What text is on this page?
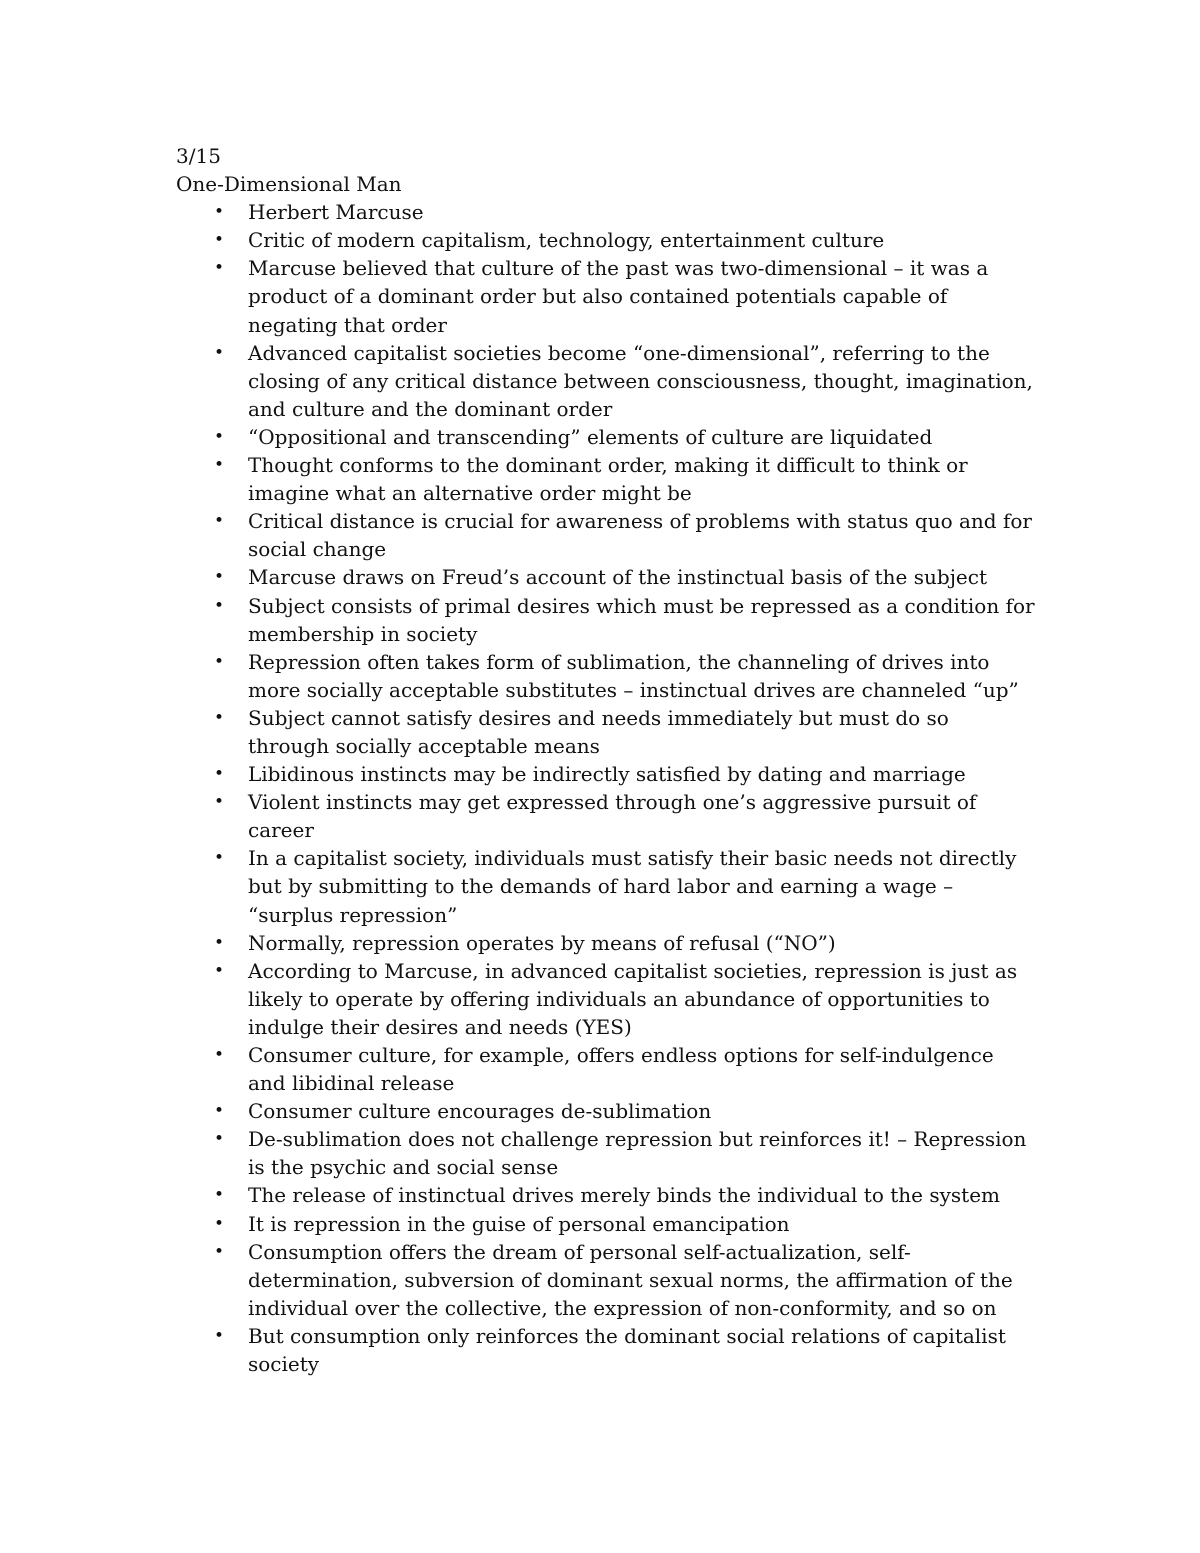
3/15

One-Dimensional Man

• Herbert Marcuse
• Critic of modern capitalism, technology, entertainment culture
• Marcuse believed that culture of the past was two-dimensional – it was a product of a dominant order but also contained potentials capable of negating that order
• Advanced capitalist societies become “one-dimensional”, referring to the closing of any critical distance between consciousness, thought, imagination, and culture and the dominant order
• “Oppositional and transcending” elements of culture are liquidated
• Thought conforms to the dominant order, making it difficult to think or imagine what an alternative order might be
• Critical distance is crucial for awareness of problems with status quo and for social change
• Marcuse draws on Freud’s account of the instinctual basis of the subject
• Subject consists of primal desires which must be repressed as a condition for membership in society
• Repression often takes form of sublimation, the channeling of drives into more socially acceptable substitutes – instinctual drives are channeled “up”
• Subject cannot satisfy desires and needs immediately but must do so through socially acceptable means
• Libidinous instincts may be indirectly satisfied by dating and marriage
• Violent instincts may get expressed through one’s aggressive pursuit of career
• In a capitalist society, individuals must satisfy their basic needs not directly but by submitting to the demands of hard labor and earning a wage – “surplus repression”
• Normally, repression operates by means of refusal (“NO”)
• According to Marcuse, in advanced capitalist societies, repression is just as likely to operate by offering individuals an abundance of opportunities to indulge their desires and needs (YES)
• Consumer culture, for example, offers endless options for self-indulgence and libidinal release
• Consumer culture encourages de-sublimation
• De-sublimation does not challenge repression but reinforces it! – Repression is the psychic and social sense
• The release of instinctual drives merely binds the individual to the system
• It is repression in the guise of personal emancipation
• Consumption offers the dream of personal self-actualization, self-determination, subversion of dominant sexual norms, the affirmation of the individual over the collective, the expression of non-conformity, and so on
• But consumption only reinforces the dominant social relations of capitalist society
